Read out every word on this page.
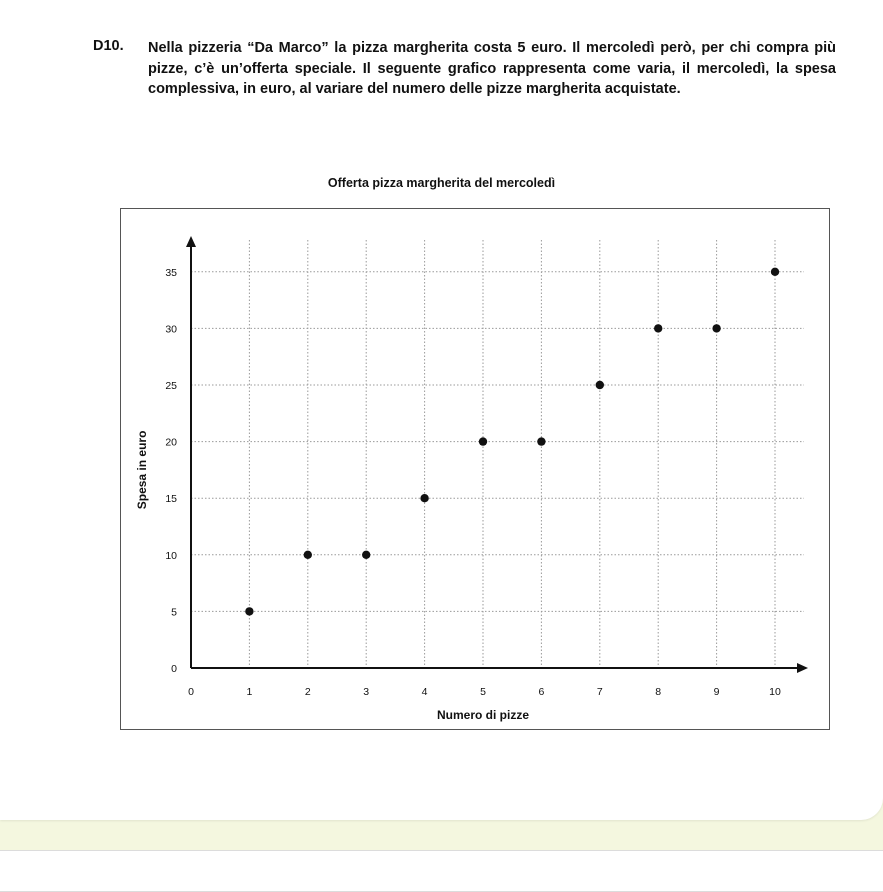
D10. Nella pizzeria “Da Marco” la pizza margherita costa 5 euro. Il mercoledì però, per chi compra più pizze, c’è un’offerta speciale. Il seguente grafico rappresenta come varia, il mercoledì, la spesa complessiva, in euro, al variare del numero delle pizze margherita acquistate.
Offerta pizza margherita del mercoledì
0	1	2	3	4	5	6	7	8	9	10
0
5
10
15
20
25
30
35
Numero di pizze
Spesa in euro
